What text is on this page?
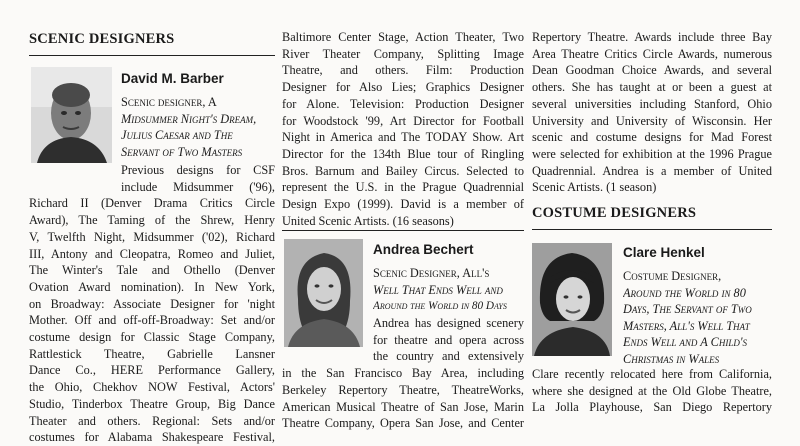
SCENIC DESIGNERS
David M. Barber
Scenic designer, A
Midsummer Night's Dream,
Julius Caesar and The
Servant of Two Masters
Previous designs for CSF
include Midsummer ('96),
Richard II (Denver Drama Critics Circle
Award), The Taming of the Shrew, Henry
V, Twelfth Night, Midsummer ('02), Richard
III, Antony and Cleopatra, Romeo and Juliet,
The Winter's Tale and Othello (Denver
Ovation Award nomination). In New York,
on Broadway: Associate Designer for 'night
Mother. Off and off-off-Broadway: Set and/or
costume design for Classic Stage Company,
Rattlestick Theatre, Gabrielle Lansner
Dance Co., HERE Performance Gallery,
the Ohio, Chekhov NOW Festival, Actors'
Studio, Tinderbox Theatre Group, Big Dance
Theater and others. Regional: Sets and/or
costumes for Alabama Shakespeare Festival,
Baltimore Center Stage, Action Theater, Two
River Theater Company, Splitting Image
Theatre, and others. Film: Production
Designer for Also Lies; Graphics Designer
for Alone. Television: Production Designer
for Woodstock '99, Art Director for Football
Night in America and The TODAY Show. Art
Director for the 134th Blue tour of Ringling
Bros. Barnum and Bailey Circus. Selected to
represent the U.S. in the Prague Quadrennial
Design Expo (1999). David is a member of
United Scenic Artists. (16 seasons)
Andrea Bechert
Scenic Designer, All's
Well That Ends Well and
Around the World in 80 Days
Andrea has designed scenery
for theatre and opera across
the country and extensively
in the San Francisco Bay Area, including
Berkeley Repertory Theatre, TheatreWorks,
American Musical Theatre of San Jose, Marin
Theatre Company, Opera San Jose, and Center
Repertory Theatre. Awards include three Bay
Area Theatre Critics Circle Awards, numerous
Dean Goodman Choice Awards, and several
others. She has taught at or been a guest at
several universities including Stanford, Ohio
University and University of Wisconsin. Her
scenic and costume designs for Mad Forest
were selected for exhibition at the 1996 Prague
Quadrennial. Andrea is a member of United
Scenic Artists. (1 season)
COSTUME DESIGNERS
Clare Henkel
Costume Designer,
Around the World in 80
Days, The Servant of Two
Masters, All's Well That
Ends Well and A Child's
Christmas in Wales
Clare recently relocated here from California,
where she designed at the Old Globe Theatre,
La Jolla Playhouse, San Diego Repertory
